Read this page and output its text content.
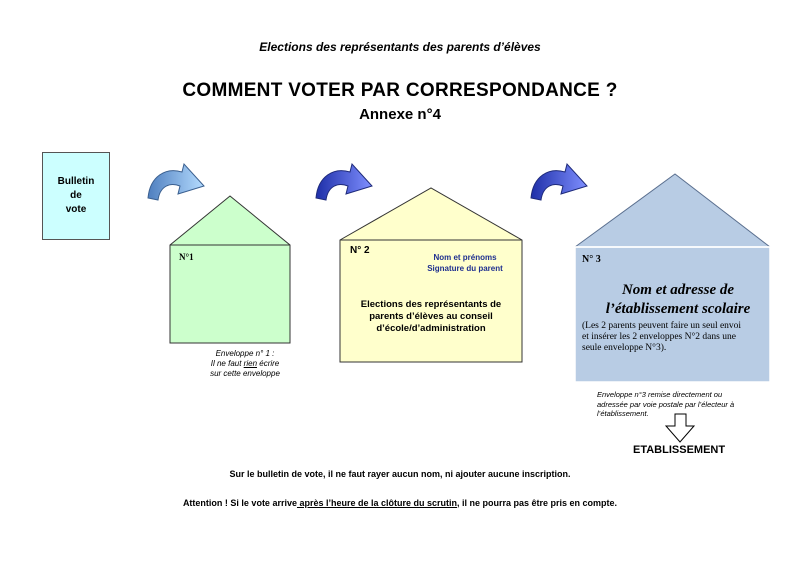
Elections des représentants des parents d’élèves
COMMENT VOTER PAR CORRESPONDANCE ?
Annexe n°4
Bulletin
de
vote
N°1
Enveloppe n° 1 :
Il ne faut rien écrire
sur cette enveloppe
N° 2
Nom et prénoms
Signature du parent
Elections des représentants de
parents d’élèves au conseil
d’école/d’administration
N° 3
Nom et adresse de
l’établissement scolaire
(Les 2 parents peuvent faire un seul envoi
et insérer les 2 enveloppes N°2 dans une
seule enveloppe N°3).
Enveloppe n°3 remise directement ou
adressée par voie postale par l’électeur à
l’établissement.
ETABLISSEMENT
Sur le bulletin de vote, il ne faut rayer aucun nom, ni ajouter aucune inscription.
Attention ! Si le vote arrive après l’heure de la clôture du scrutin, il ne pourra pas être pris en compte.
